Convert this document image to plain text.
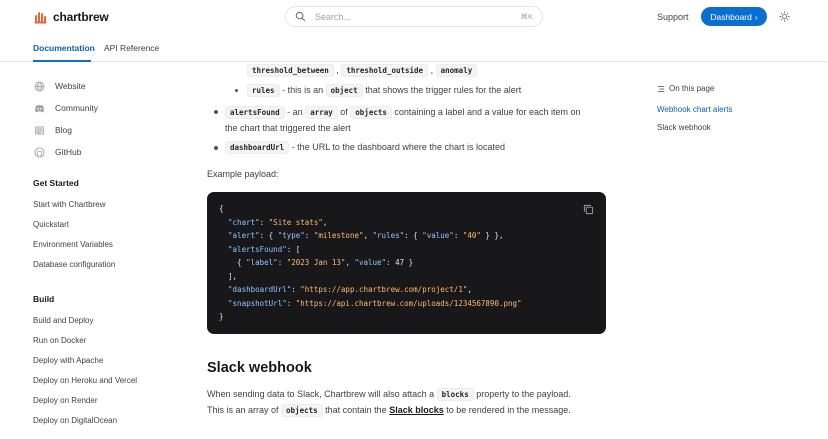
chartbrew	Search...	⌘K	Support	Dashboard ›
Documentation API Reference
Website
Community
Blog
GitHub
Get Started
Start with Chartbrew
Quickstart
Environment Variables
Database configuration
Build
Build and Deploy
Run on Docker
Deploy with Apache
Deploy on Heroku and Vercel
Deploy on Render
Deploy on DigitalOcean
threshold_between , threshold_outside , anomaly
rules - this is an object that shows the trigger rules for the alert
alertsFound - an array of objects containing a label and a value for each item on
the chart that triggered the alert
dashboardUrl - the URL to the dashboard where the chart is located
Example payload:
{
"chart": "Site stats",
"alert": { "type": "milestone", "rules": { "value": "40" } },
"alertsFound": [
{ "label": "2023 Jan 13", "value": 47 }
],
"dashboardUrl": "https://app.chartbrew.com/project/1",
"snapshotUrl": "https://api.chartbrew.com/uploads/1234567890.png"
}
Slack webhook
When sending data to Slack, Chartbrew will also attach a blocks property to the payload.
This is an array of objects that contain the Slack blocks to be rendered in the message.
On this page
Webhook chart alerts
Slack webhook
